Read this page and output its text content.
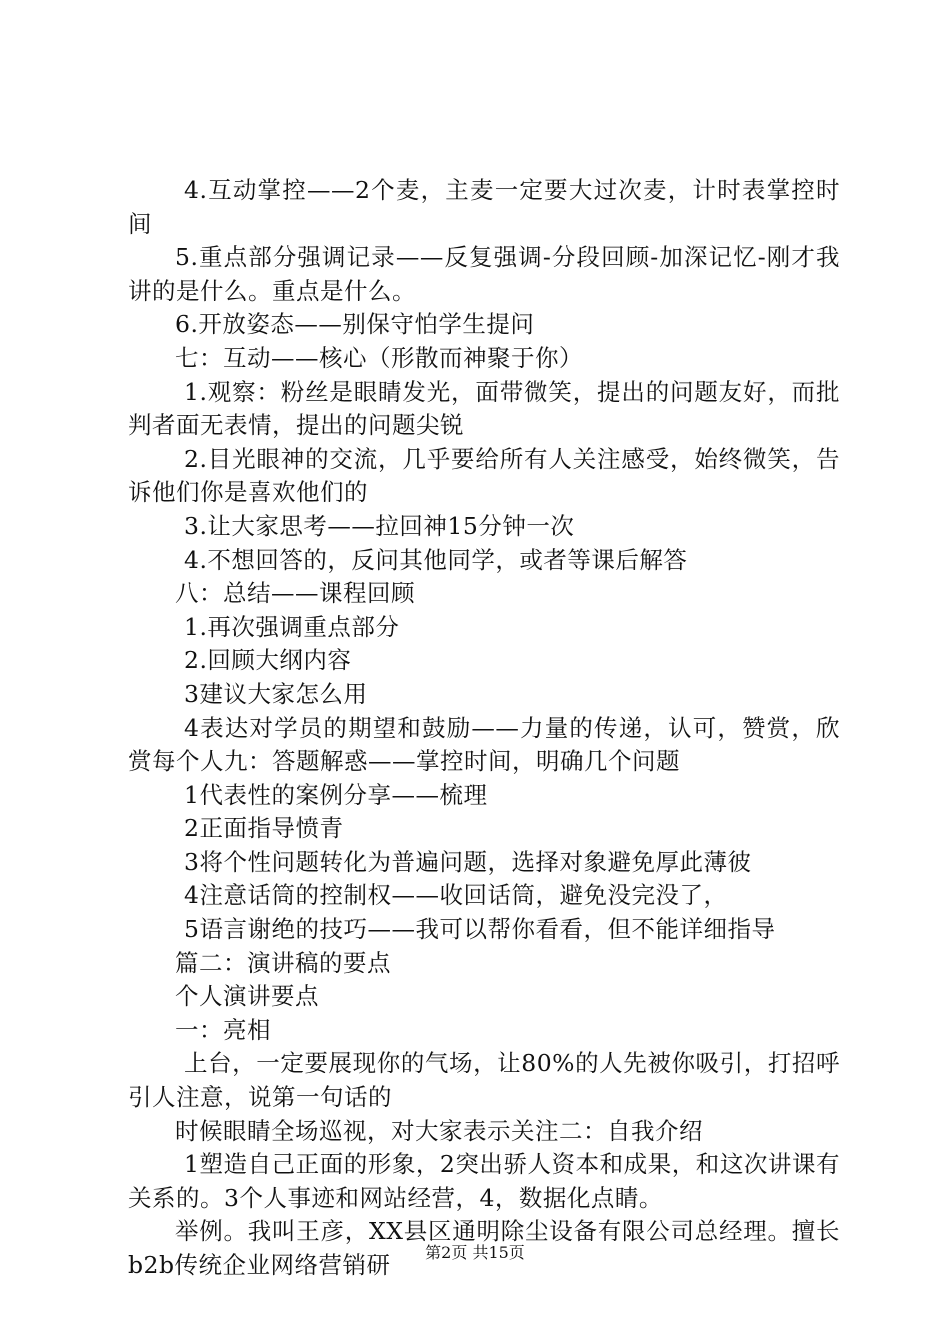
4.互动掌控——2个麦，主麦一定要大过次麦，计时表掌控时间

5.重点部分强调记录——反复强调-分段回顾-加深记忆-刚才我讲的是什么。重点是什么。

6.开放姿态——别保守怕学生提问

七：互动——核心（形散而神聚于你）

1.观察：粉丝是眼睛发光，面带微笑，提出的问题友好，而批判者面无表情，提出的问题尖锐

2.目光眼神的交流，几乎要给所有人关注感受，始终微笑，告诉他们你是喜欢他们的

3.让大家思考——拉回神15分钟一次

4.不想回答的，反问其他同学，或者等课后解答

八：总结——课程回顾

1.再次强调重点部分

2.回顾大纲内容

3建议大家怎么用

4表达对学员的期望和鼓励——力量的传递，认可，赞赏，欣赏每个人九：答题解惑——掌控时间，明确几个问题

1代表性的案例分享——梳理

2正面指导愤青

3将个性问题转化为普遍问题，选择对象避免厚此薄彼

4注意话筒的控制权——收回话筒，避免没完没了，

5语言谢绝的技巧——我可以帮你看看，但不能详细指导

篇二：演讲稿的要点

个人演讲要点

一：亮相

上台，一定要展现你的气场，让80%的人先被你吸引，打招呼引人注意，说第一句话的

时候眼睛全场巡视，对大家表示关注二：自我介绍

1塑造自己正面的形象，2突出骄人资本和成果，和这次讲课有关系的。3个人事迹和网站经营，4，数据化点睛。

举例。我叫王彦，XX县区通明除尘设备有限公司总经理。擅长b2b传统企业网络营销研	第2页 共15页
